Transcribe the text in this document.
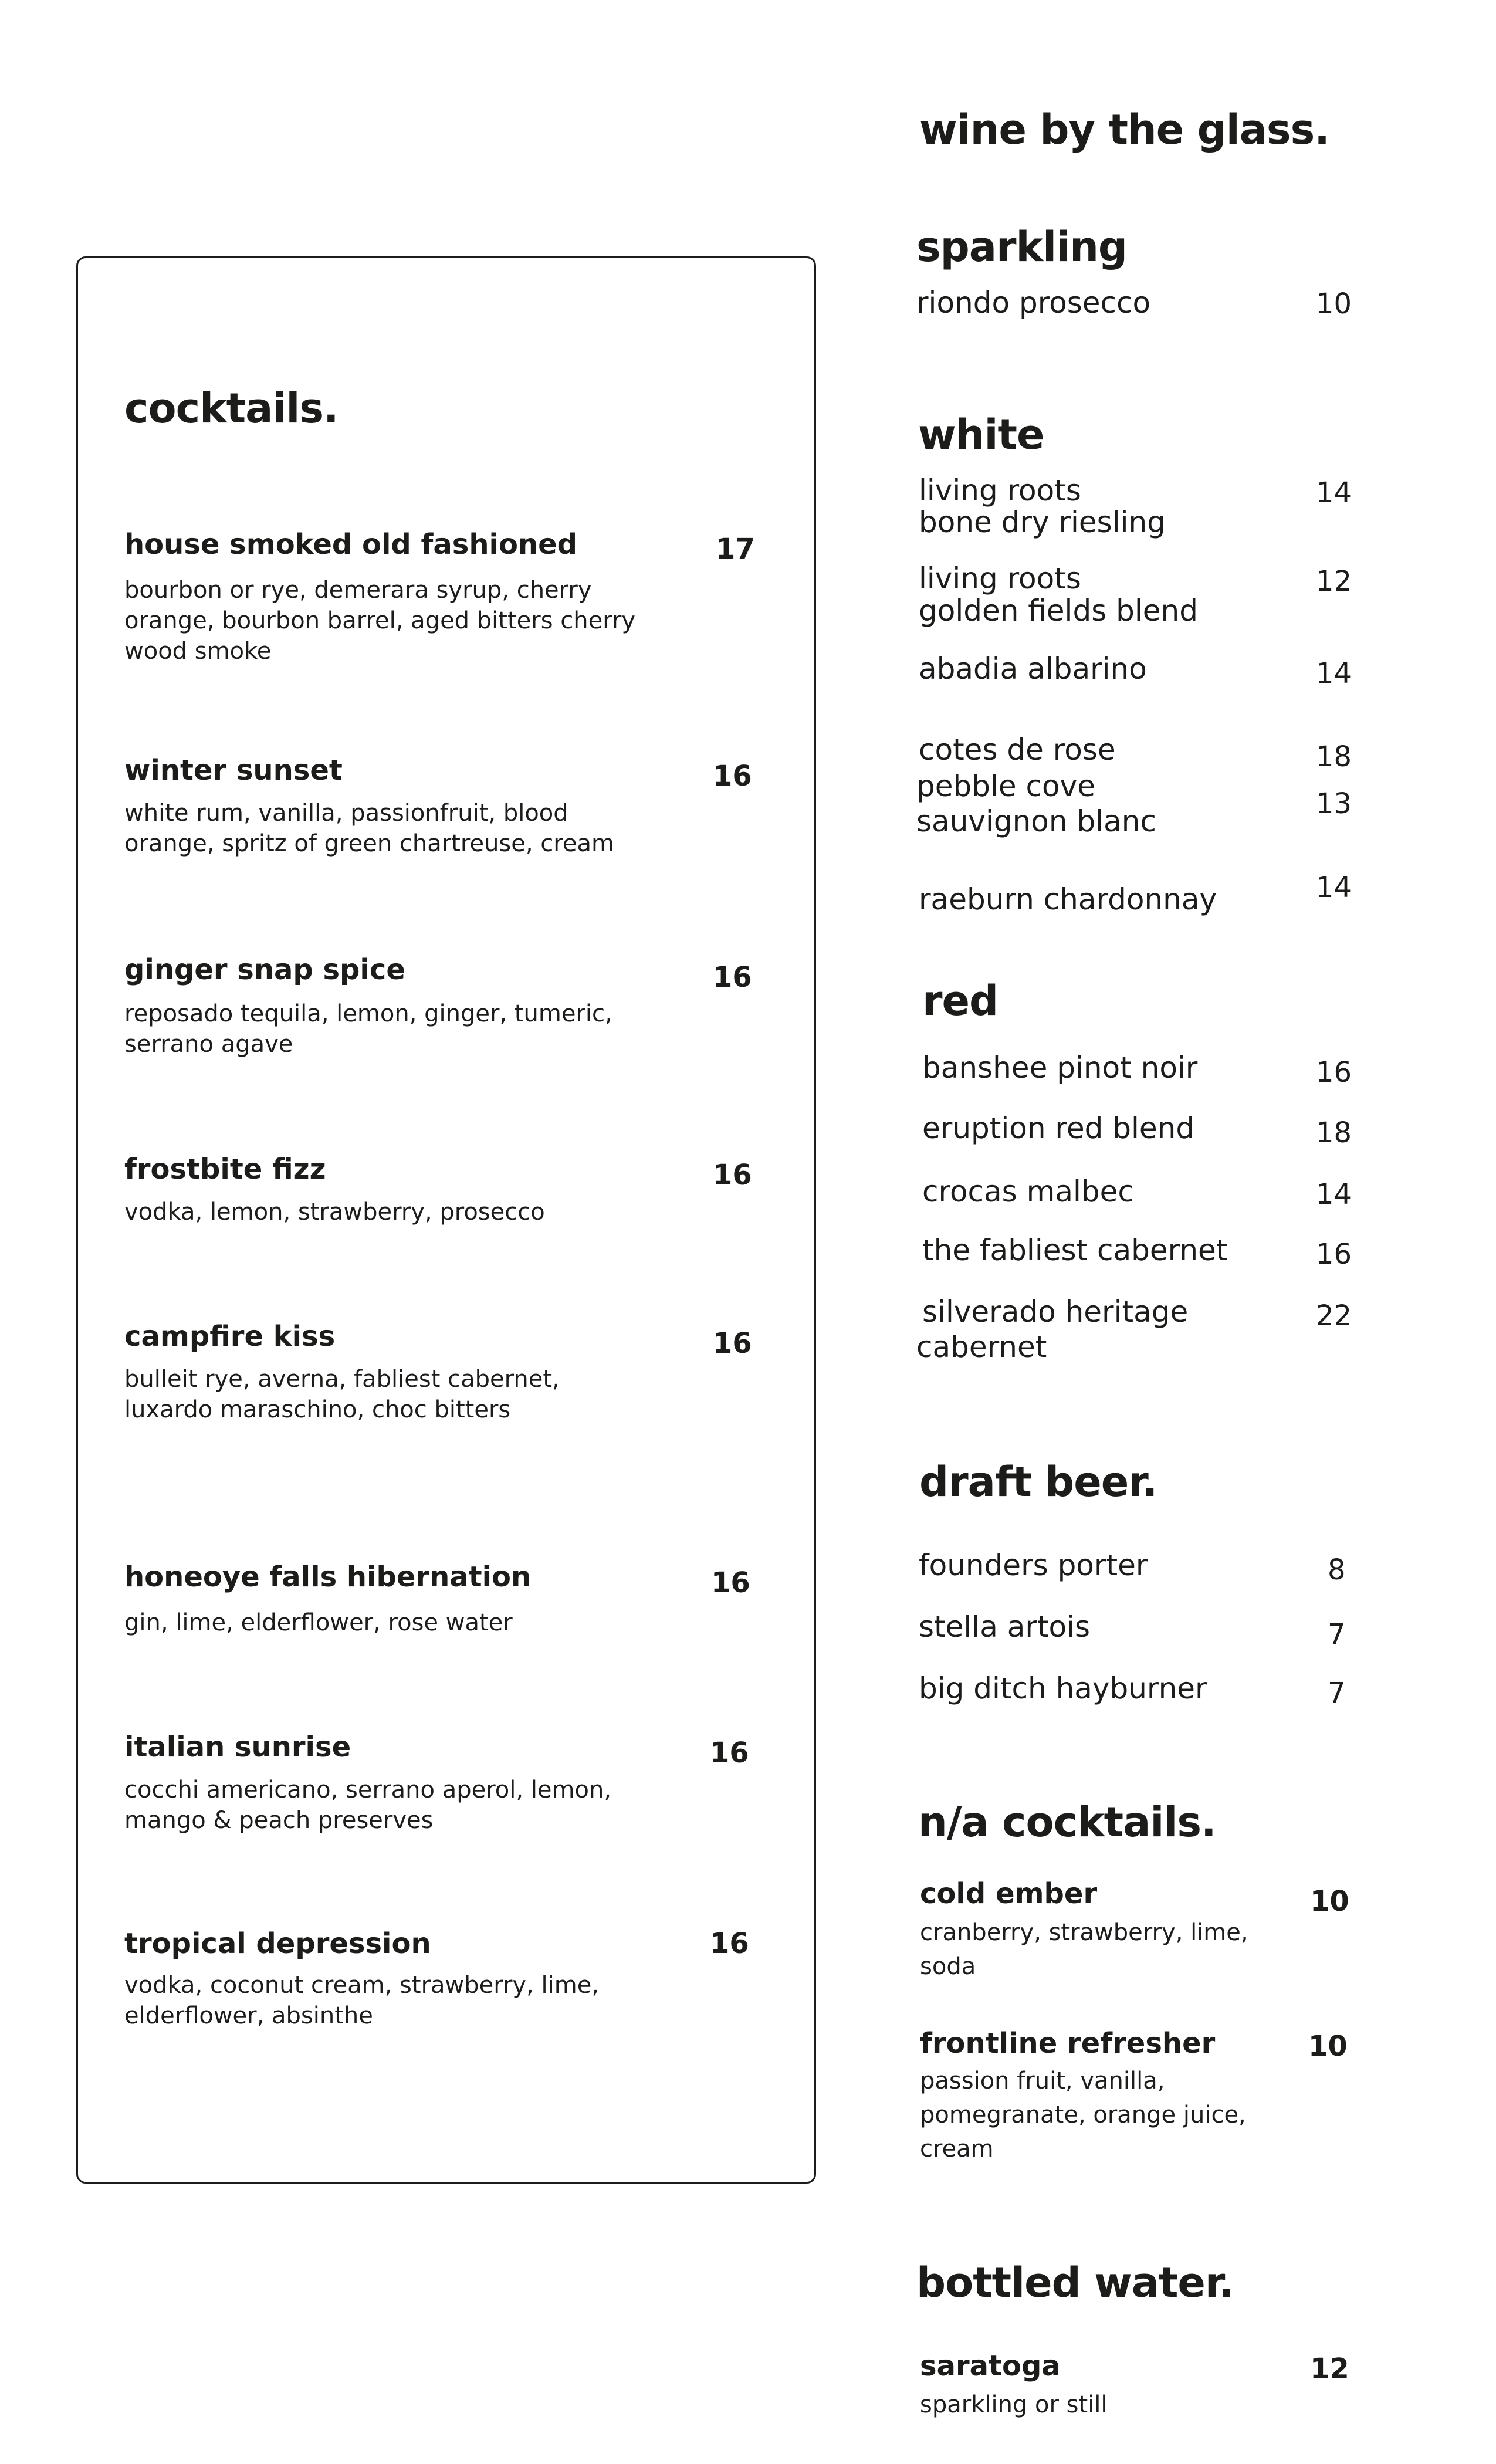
cocktails.
house smoked old fashioned	17
bourbon or rye, demerara syrup, cherry orange, bourbon barrel, aged bitters cherry wood smoke
winter sunset	16
white rum, vanilla, passionfruit, blood orange, spritz of green chartreuse, cream
ginger snap spice	16
reposado tequila, lemon, ginger, tumeric, serrano agave
frostbite fizz	16
vodka, lemon, strawberry, prosecco
campfire kiss	16
bulleit rye, averna, fabliest cabernet, luxardo maraschino, choc bitters
honeoye falls hibernation	16
gin, lime, elderflower, rose water
italian sunrise	16
cocchi americano, serrano aperol, lemon, mango & peach preserves
tropical depression	16
vodka, coconut cream, strawberry, lime, elderflower, absinthe
wine by the glass.
sparkling
riondo prosecco	10
white
living roots
bone dry riesling
14
living roots
golden fields blend
12
abadia albarino	14
cotes de rose	18
pebble cove
sauvignon blanc
13
raeburn chardonnay	14
red
banshee pinot noir	16
eruption red blend	18
crocas malbec	14
the fabliest cabernet	16
silverado heritage
cabernet
22
draft beer.
founders porter	8
stella artois	7
big ditch hayburner	7
n/a cocktails.
cold ember	10
cranberry, strawberry, lime, soda
frontline refresher	10
passion fruit, vanilla, pomegranate, orange juice, cream
bottled water.
saratoga	12
sparkling or still
